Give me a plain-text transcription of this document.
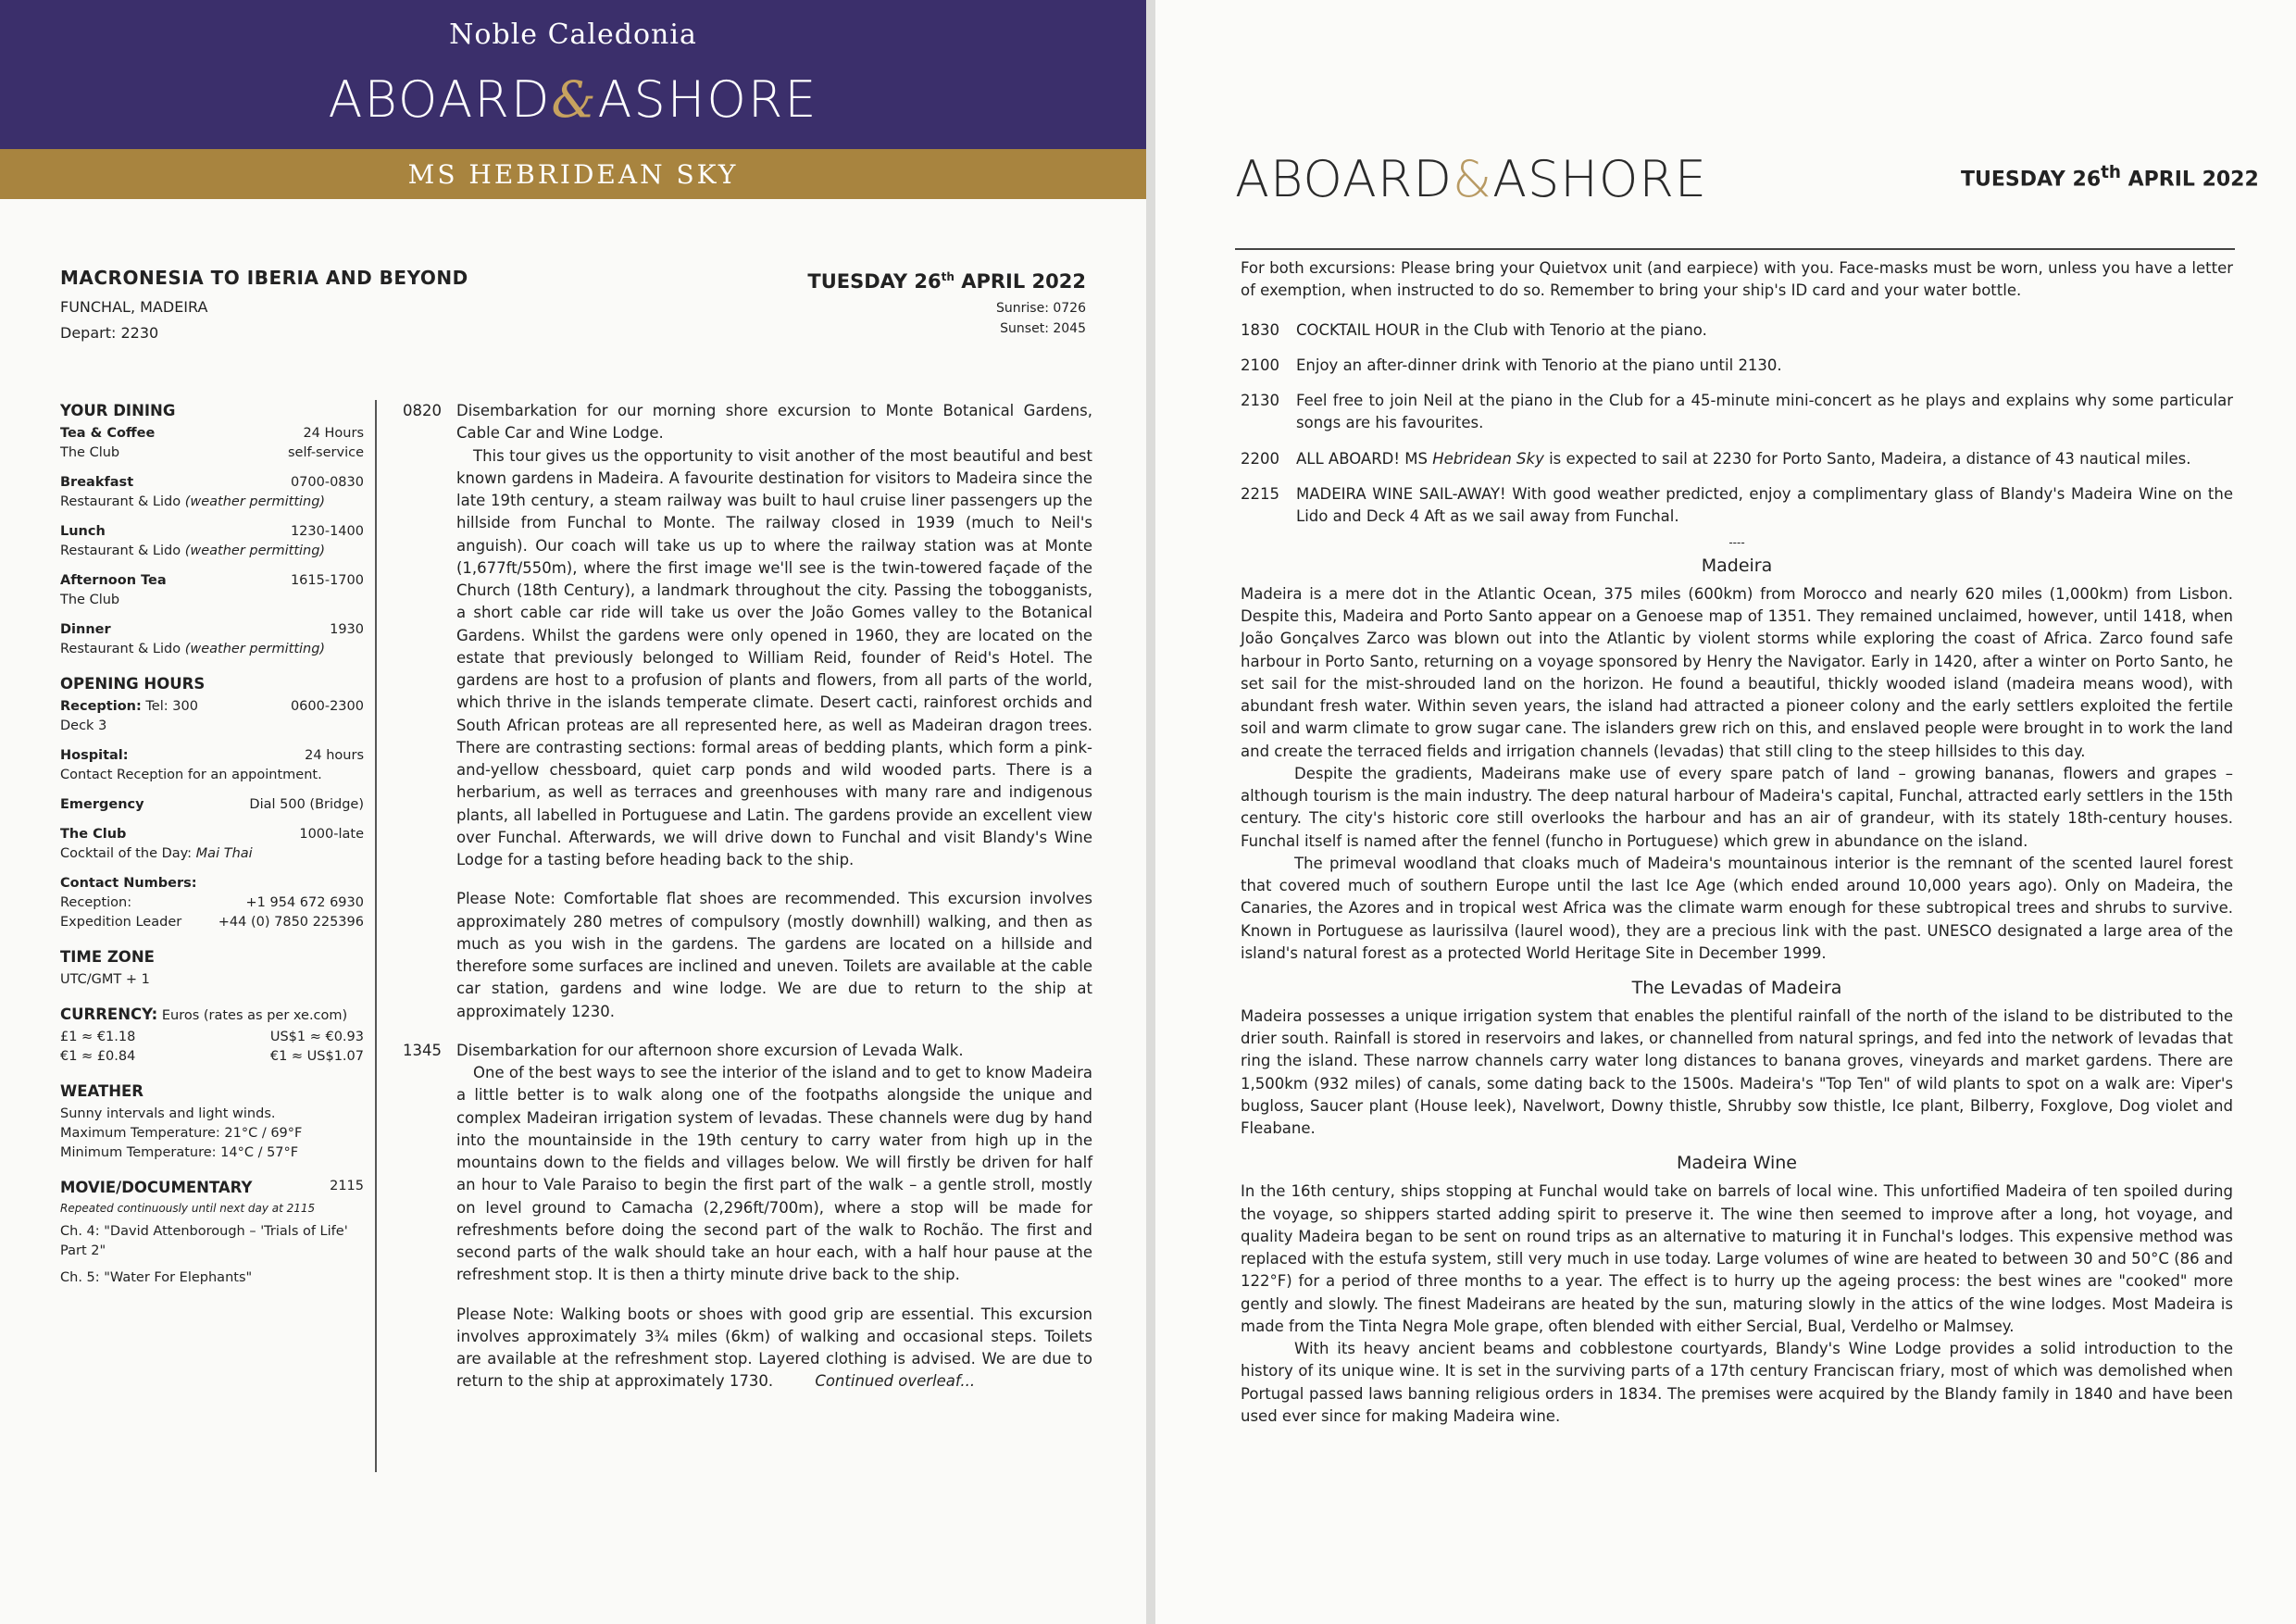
Noble Caledonia
ABOARD&ASHORE
MS HEBRIDEAN SKY
MACRONESIA TO IBERIA AND BEYOND
FUNCHAL, MADEIRA
Depart: 2230
TUESDAY 26th APRIL 2022
Sunrise: 0726
Sunset: 2045
YOUR DINING
Tea & Coffee	24 Hours
The Club	self-service
Breakfast	0700-0830
Restaurant & Lido (weather permitting)
Lunch	1230-1400
Restaurant & Lido (weather permitting)
Afternoon Tea	1615-1700
The Club
Dinner	1930
Restaurant & Lido (weather permitting)
OPENING HOURS
Reception: Tel: 300	0600-2300
Deck 3
Hospital:	24 hours
Contact Reception for an appointment.
Emergency	Dial 500 (Bridge)
The Club	1000-late
Cocktail of the Day: Mai Thai
Contact Numbers:
Reception:	+1 954 672 6930
Expedition Leader	+44 (0) 7850 225396
TIME ZONE
UTC/GMT + 1
CURRENCY: Euros (rates as per xe.com)
£1 ≈ €1.18	US$1 ≈ €0.93
€1 ≈ £0.84	€1 ≈ US$1.07
WEATHER
Sunny intervals and light winds.
Maximum Temperature: 21°C / 69°F
Minimum Temperature: 14°C / 57°F
MOVIE/DOCUMENTARY	2115
Repeated continuously until next day at 2115
Ch. 4: "David Attenborough – 'Trials of Life' Part 2"
Ch. 5: "Water For Elephants"
0820 Disembarkation for our morning shore excursion to Monte Botanical Gardens, Cable Car and Wine Lodge.
This tour gives us the opportunity to visit another of the most beautiful and best known gardens in Madeira. A favourite destination for visitors to Madeira since the late 19th century, a steam railway was built to haul cruise liner passengers up the hillside from Funchal to Monte. The railway closed in 1939 (much to Neil's anguish). Our coach will take us up to where the railway station was at Monte (1,677ft/550m), where the first image we'll see is the twin-towered façade of the Church (18th Century), a landmark throughout the city. Passing the tobogganists, a short cable car ride will take us over the João Gomes valley to the Botanical Gardens. Whilst the gardens were only opened in 1960, they are located on the estate that previously belonged to William Reid, founder of Reid's Hotel. The gardens are host to a profusion of plants and flowers, from all parts of the world, which thrive in the islands temperate climate. Desert cacti, rainforest orchids and South African proteas are all represented here, as well as Madeiran dragon trees. There are contrasting sections: formal areas of bedding plants, which form a pink-and-yellow chessboard, quiet carp ponds and wild wooded parts. There is a herbarium, as well as terraces and greenhouses with many rare and indigenous plants, all labelled in Portuguese and Latin. The gardens provide an excellent view over Funchal. Afterwards, we will drive down to Funchal and visit Blandy's Wine Lodge for a tasting before heading back to the ship.
Please Note: Comfortable flat shoes are recommended. This excursion involves approximately 280 metres of compulsory (mostly downhill) walking, and then as much as you wish in the gardens. The gardens are located on a hillside and therefore some surfaces are inclined and uneven. Toilets are available at the cable car station, gardens and wine lodge. We are due to return to the ship at approximately 1230.
1345 Disembarkation for our afternoon shore excursion of Levada Walk.
One of the best ways to see the interior of the island and to get to know Madeira a little better is to walk along one of the footpaths alongside the unique and complex Madeiran irrigation system of levadas. These channels were dug by hand into the mountainside in the 19th century to carry water from high up in the mountains down to the fields and villages below. We will firstly be driven for half an hour to Vale Paraiso to begin the first part of the walk – a gentle stroll, mostly on level ground to Camacha (2,296ft/700m), where a stop will be made for refreshments before doing the second part of the walk to Rochão. The first and second parts of the walk should take an hour each, with a half hour pause at the refreshment stop. It is then a thirty minute drive back to the ship.
Please Note: Walking boots or shoes with good grip are essential. This excursion involves approximately 3¾ miles (6km) of walking and occasional steps. Toilets are available at the refreshment stop. Layered clothing is advised. We are due to return to the ship at approximately 1730.	Continued overleaf...
ABOARD&ASHORE	TUESDAY 26th APRIL 2022
For both excursions: Please bring your Quietvox unit (and earpiece) with you. Face-masks must be worn, unless you have a letter of exemption, when instructed to do so. Remember to bring your ship's ID card and your water bottle.
1830	COCKTAIL HOUR in the Club with Tenorio at the piano.
2100	Enjoy an after-dinner drink with Tenorio at the piano until 2130.
2130	Feel free to join Neil at the piano in the Club for a 45-minute mini-concert as he plays and explains why some particular songs are his favourites.
2200	ALL ABOARD! MS Hebridean Sky is expected to sail at 2230 for Porto Santo, Madeira, a distance of 43 nautical miles.
2215	MADEIRA WINE SAIL-AWAY! With good weather predicted, enjoy a complimentary glass of Blandy's Madeira Wine on the Lido and Deck 4 Aft as we sail away from Funchal.
----
Madeira
Madeira is a mere dot in the Atlantic Ocean, 375 miles (600km) from Morocco and nearly 620 miles (1,000km) from Lisbon. Despite this, Madeira and Porto Santo appear on a Genoese map of 1351. They remained unclaimed, however, until 1418, when João Gonçalves Zarco was blown out into the Atlantic by violent storms while exploring the coast of Africa. Zarco found safe harbour in Porto Santo, returning on a voyage sponsored by Henry the Navigator. Early in 1420, after a winter on Porto Santo, he set sail for the mist-shrouded land on the horizon. He found a beautiful, thickly wooded island (madeira means wood), with abundant fresh water. Within seven years, the island had attracted a pioneer colony and the early settlers exploited the fertile soil and warm climate to grow sugar cane. The islanders grew rich on this, and enslaved people were brought in to work the land and create the terraced fields and irrigation channels (levadas) that still cling to the steep hillsides to this day.
Despite the gradients, Madeirans make use of every spare patch of land – growing bananas, flowers and grapes – although tourism is the main industry. The deep natural harbour of Madeira's capital, Funchal, attracted early settlers in the 15th century. The city's historic core still overlooks the harbour and has an air of grandeur, with its stately 18th-century houses. Funchal itself is named after the fennel (funcho in Portuguese) which grew in abundance on the island.
The primeval woodland that cloaks much of Madeira's mountainous interior is the remnant of the scented laurel forest that covered much of southern Europe until the last Ice Age (which ended around 10,000 years ago). Only on Madeira, the Canaries, the Azores and in tropical west Africa was the climate warm enough for these subtropical trees and shrubs to survive. Known in Portuguese as laurissilva (laurel wood), they are a precious link with the past. UNESCO designated a large area of the island's natural forest as a protected World Heritage Site in December 1999.
The Levadas of Madeira
Madeira possesses a unique irrigation system that enables the plentiful rainfall of the north of the island to be distributed to the drier south. Rainfall is stored in reservoirs and lakes, or channelled from natural springs, and fed into the network of levadas that ring the island. These narrow channels carry water long distances to banana groves, vineyards and market gardens. There are 1,500km (932 miles) of canals, some dating back to the 1500s. Madeira's "Top Ten" of wild plants to spot on a walk are: Viper's bugloss, Saucer plant (House leek), Navelwort, Downy thistle, Shrubby sow thistle, Ice plant, Bilberry, Foxglove, Dog violet and Fleabane.
Madeira Wine
In the 16th century, ships stopping at Funchal would take on barrels of local wine. This unfortified Madeira of ten spoiled during the voyage, so shippers started adding spirit to preserve it. The wine then seemed to improve after a long, hot voyage, and quality Madeira began to be sent on round trips as an alternative to maturing it in Funchal's lodges. This expensive method was replaced with the estufa system, still very much in use today. Large volumes of wine are heated to between 30 and 50°C (86 and 122°F) for a period of three months to a year. The effect is to hurry up the ageing process: the best wines are "cooked" more gently and slowly. The finest Madeirans are heated by the sun, maturing slowly in the attics of the wine lodges. Most Madeira is made from the Tinta Negra Mole grape, often blended with either Sercial, Bual, Verdelho or Malmsey.
With its heavy ancient beams and cobblestone courtyards, Blandy's Wine Lodge provides a solid introduction to the history of its unique wine. It is set in the surviving parts of a 17th century Franciscan friary, most of which was demolished when Portugal passed laws banning religious orders in 1834. The premises were acquired by the Blandy family in 1840 and have been used ever since for making Madeira wine.
